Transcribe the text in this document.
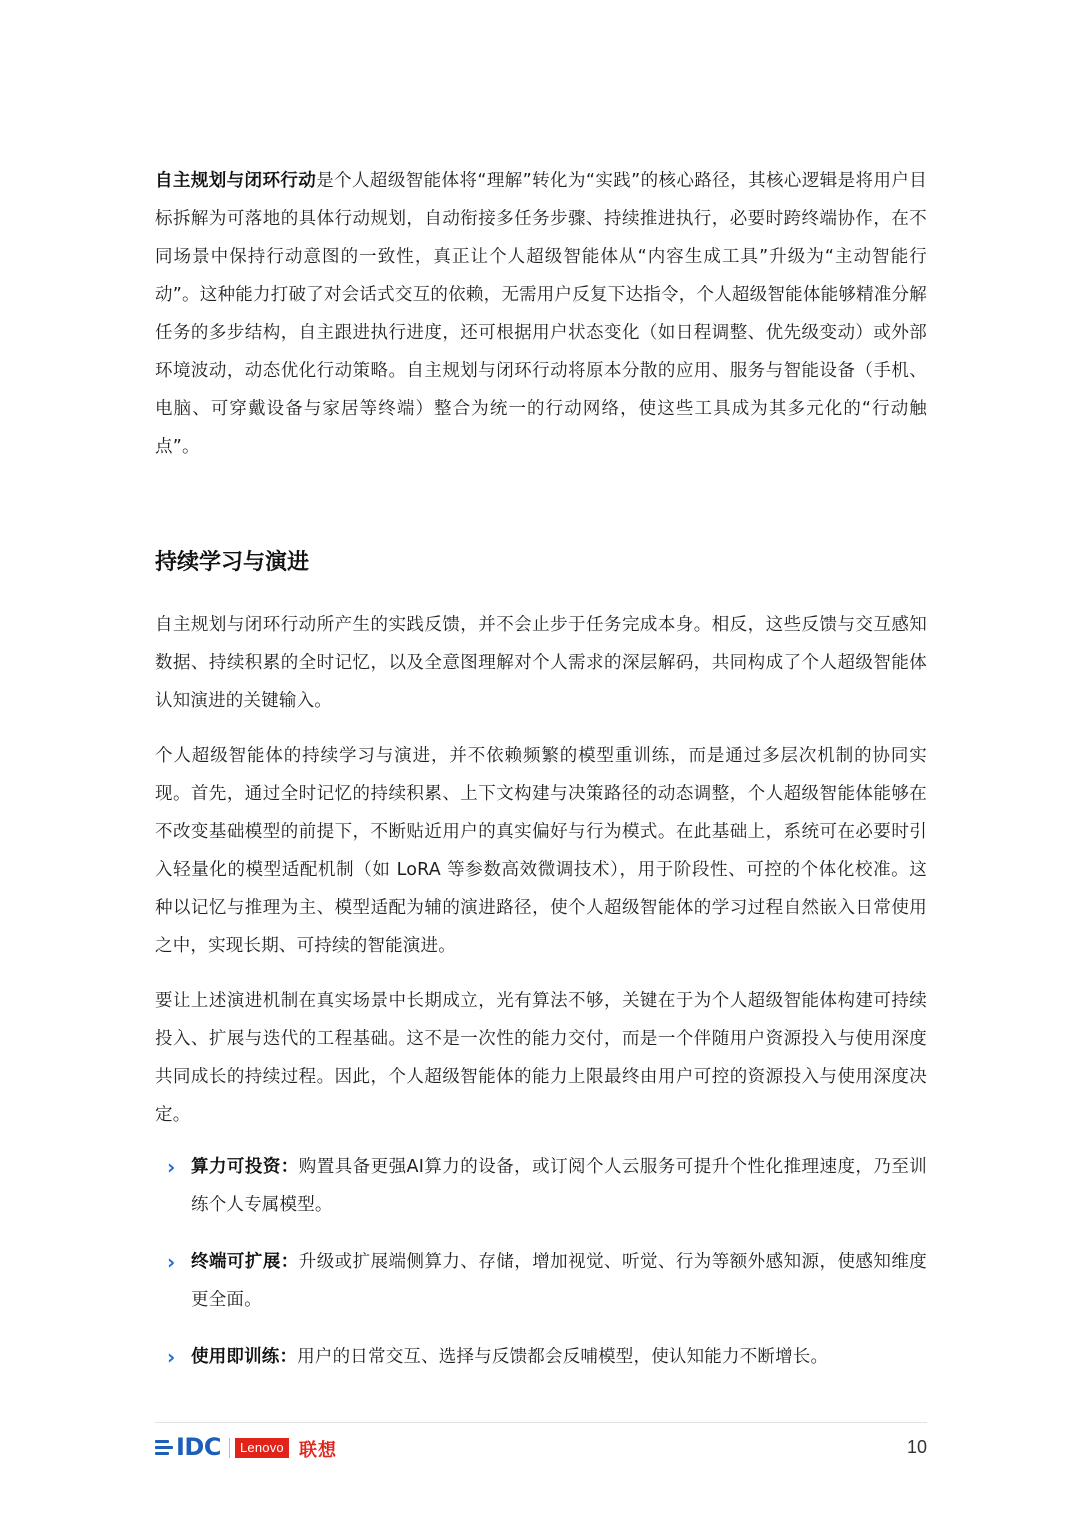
自主规划与闭环行动是个人超级智能体将“理解”转化为“实践”的核心路径，其核心逻辑是将用户目标拆解为可落地的具体行动规划，自动衔接多任务步骤、持续推进执行，必要时跨终端协作，在不同场景中保持行动意图的一致性，真正让个人超级智能体从“内容生成工具”升级为“主动智能行动”。这种能力打破了对会话式交互的依赖，无需用户反复下达指令，个人超级智能体能够精准分解任务的多步结构，自主跟进执行进度，还可根据用户状态变化（如日程调整、优先级变动）或外部环境波动，动态优化行动策略。自主规划与闭环行动将原本分散的应用、服务与智能设备（手机、电脑、可穿戴设备与家居等终端）整合为统一的行动网络，使这些工具成为其多元化的“行动触点”。

持续学习与演进

自主规划与闭环行动所产生的实践反馈，并不会止步于任务完成本身。相反，这些反馈与交互感知数据、持续积累的全时记忆，以及全意图理解对个人需求的深层解码，共同构成了个人超级智能体认知演进的关键输入。

个人超级智能体的持续学习与演进，并不依赖频繁的模型重训练，而是通过多层次机制的协同实现。首先，通过全时记忆的持续积累、上下文构建与决策路径的动态调整，个人超级智能体能够在不改变基础模型的前提下，不断贴近用户的真实偏好与行为模式。在此基础上，系统可在必要时引入轻量化的模型适配机制（如 LoRA 等参数高效微调技术），用于阶段性、可控的个体化校准。这种以记忆与推理为主、模型适配为辅的演进路径，使个人超级智能体的学习过程自然嵌入日常使用之中，实现长期、可持续的智能演进。

要让上述演进机制在真实场景中长期成立，光有算法不够，关键在于为个人超级智能体构建可持续投入、扩展与迭代的工程基础。这不是一次性的能力交付，而是一个伴随用户资源投入与使用深度共同成长的持续过程。因此，个人超级智能体的能力上限最终由用户可控的资源投入与使用深度决定。

› 算力可投资：购置具备更强AI算力的设备，或订阅个人云服务可提升个性化推理速度，乃至训练个人专属模型。
› 终端可扩展：升级或扩展端侧算力、存储，增加视觉、听觉、行为等额外感知源，使感知维度更全面。
› 使用即训练：用户的日常交互、选择与反馈都会反哺模型，使认知能力不断增长。
IDC	Lenovo 联想	10
